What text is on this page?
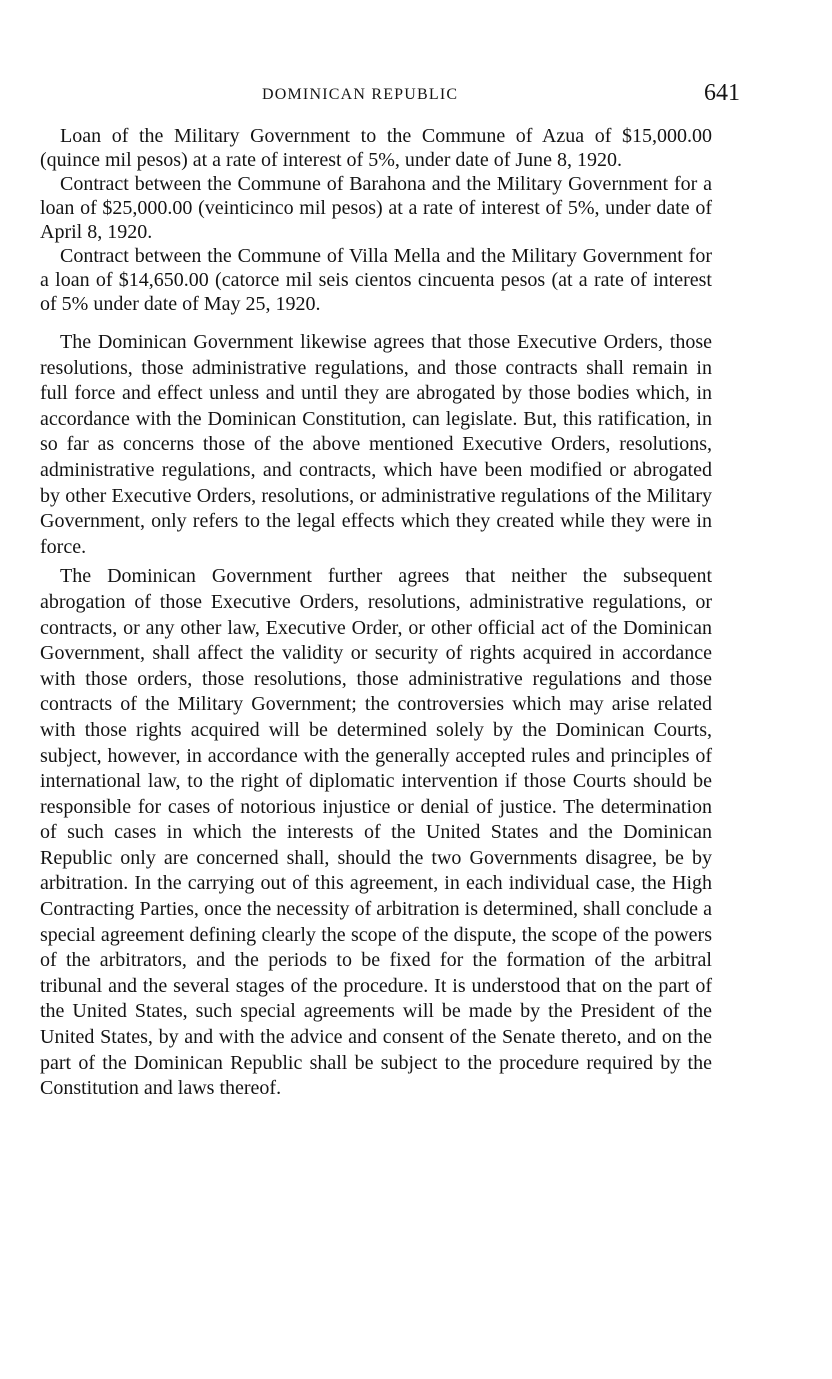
DOMINICAN REPUBLIC	641

Loan of the Military Government to the Commune of Azua of $15,000.00 (quince mil pesos) at a rate of interest of 5%, under date of June 8, 1920.

Contract between the Commune of Barahona and the Military Government for a loan of $25,000.00 (veinticinco mil pesos) at a rate of interest of 5%, under date of April 8, 1920.

Contract between the Commune of Villa Mella and the Military Government for a loan of $14,650.00 (catorce mil seis cientos cincuenta pesos (at a rate of interest of 5% under date of May 25, 1920.

The Dominican Government likewise agrees that those Executive Orders, those resolutions, those administrative regulations, and those contracts shall remain in full force and effect unless and until they are abrogated by those bodies which, in accordance with the Dominican Constitution, can legislate. But, this ratification, in so far as concerns those of the above mentioned Executive Orders, resolutions, administrative regulations, and contracts, which have been modified or abrogated by other Executive Orders, resolutions, or administrative regulations of the Military Government, only refers to the legal effects which they created while they were in force.

The Dominican Government further agrees that neither the subsequent abrogation of those Executive Orders, resolutions, administrative regulations, or contracts, or any other law, Executive Order, or other official act of the Dominican Government, shall affect the validity or security of rights acquired in accordance with those orders, those resolutions, those administrative regulations and those contracts of the Military Government; the controversies which may arise related with those rights acquired will be determined solely by the Dominican Courts, subject, however, in accordance with the generally accepted rules and principles of international law, to the right of diplomatic intervention if those Courts should be responsible for cases of notorious injustice or denial of justice. The determination of such cases in which the interests of the United States and the Dominican Republic only are concerned shall, should the two Governments disagree, be by arbitration. In the carrying out of this agreement, in each individual case, the High Contracting Parties, once the necessity of arbitration is determined, shall conclude a special agreement defining clearly the scope of the dispute, the scope of the powers of the arbitrators, and the periods to be fixed for the formation of the arbitral tribunal and the several stages of the procedure. It is understood that on the part of the United States, such special agreements will be made by the President of the United States, by and with the advice and consent of the Senate thereto, and on the part of the Dominican Republic shall be subject to the procedure required by the Constitution and laws thereof.
